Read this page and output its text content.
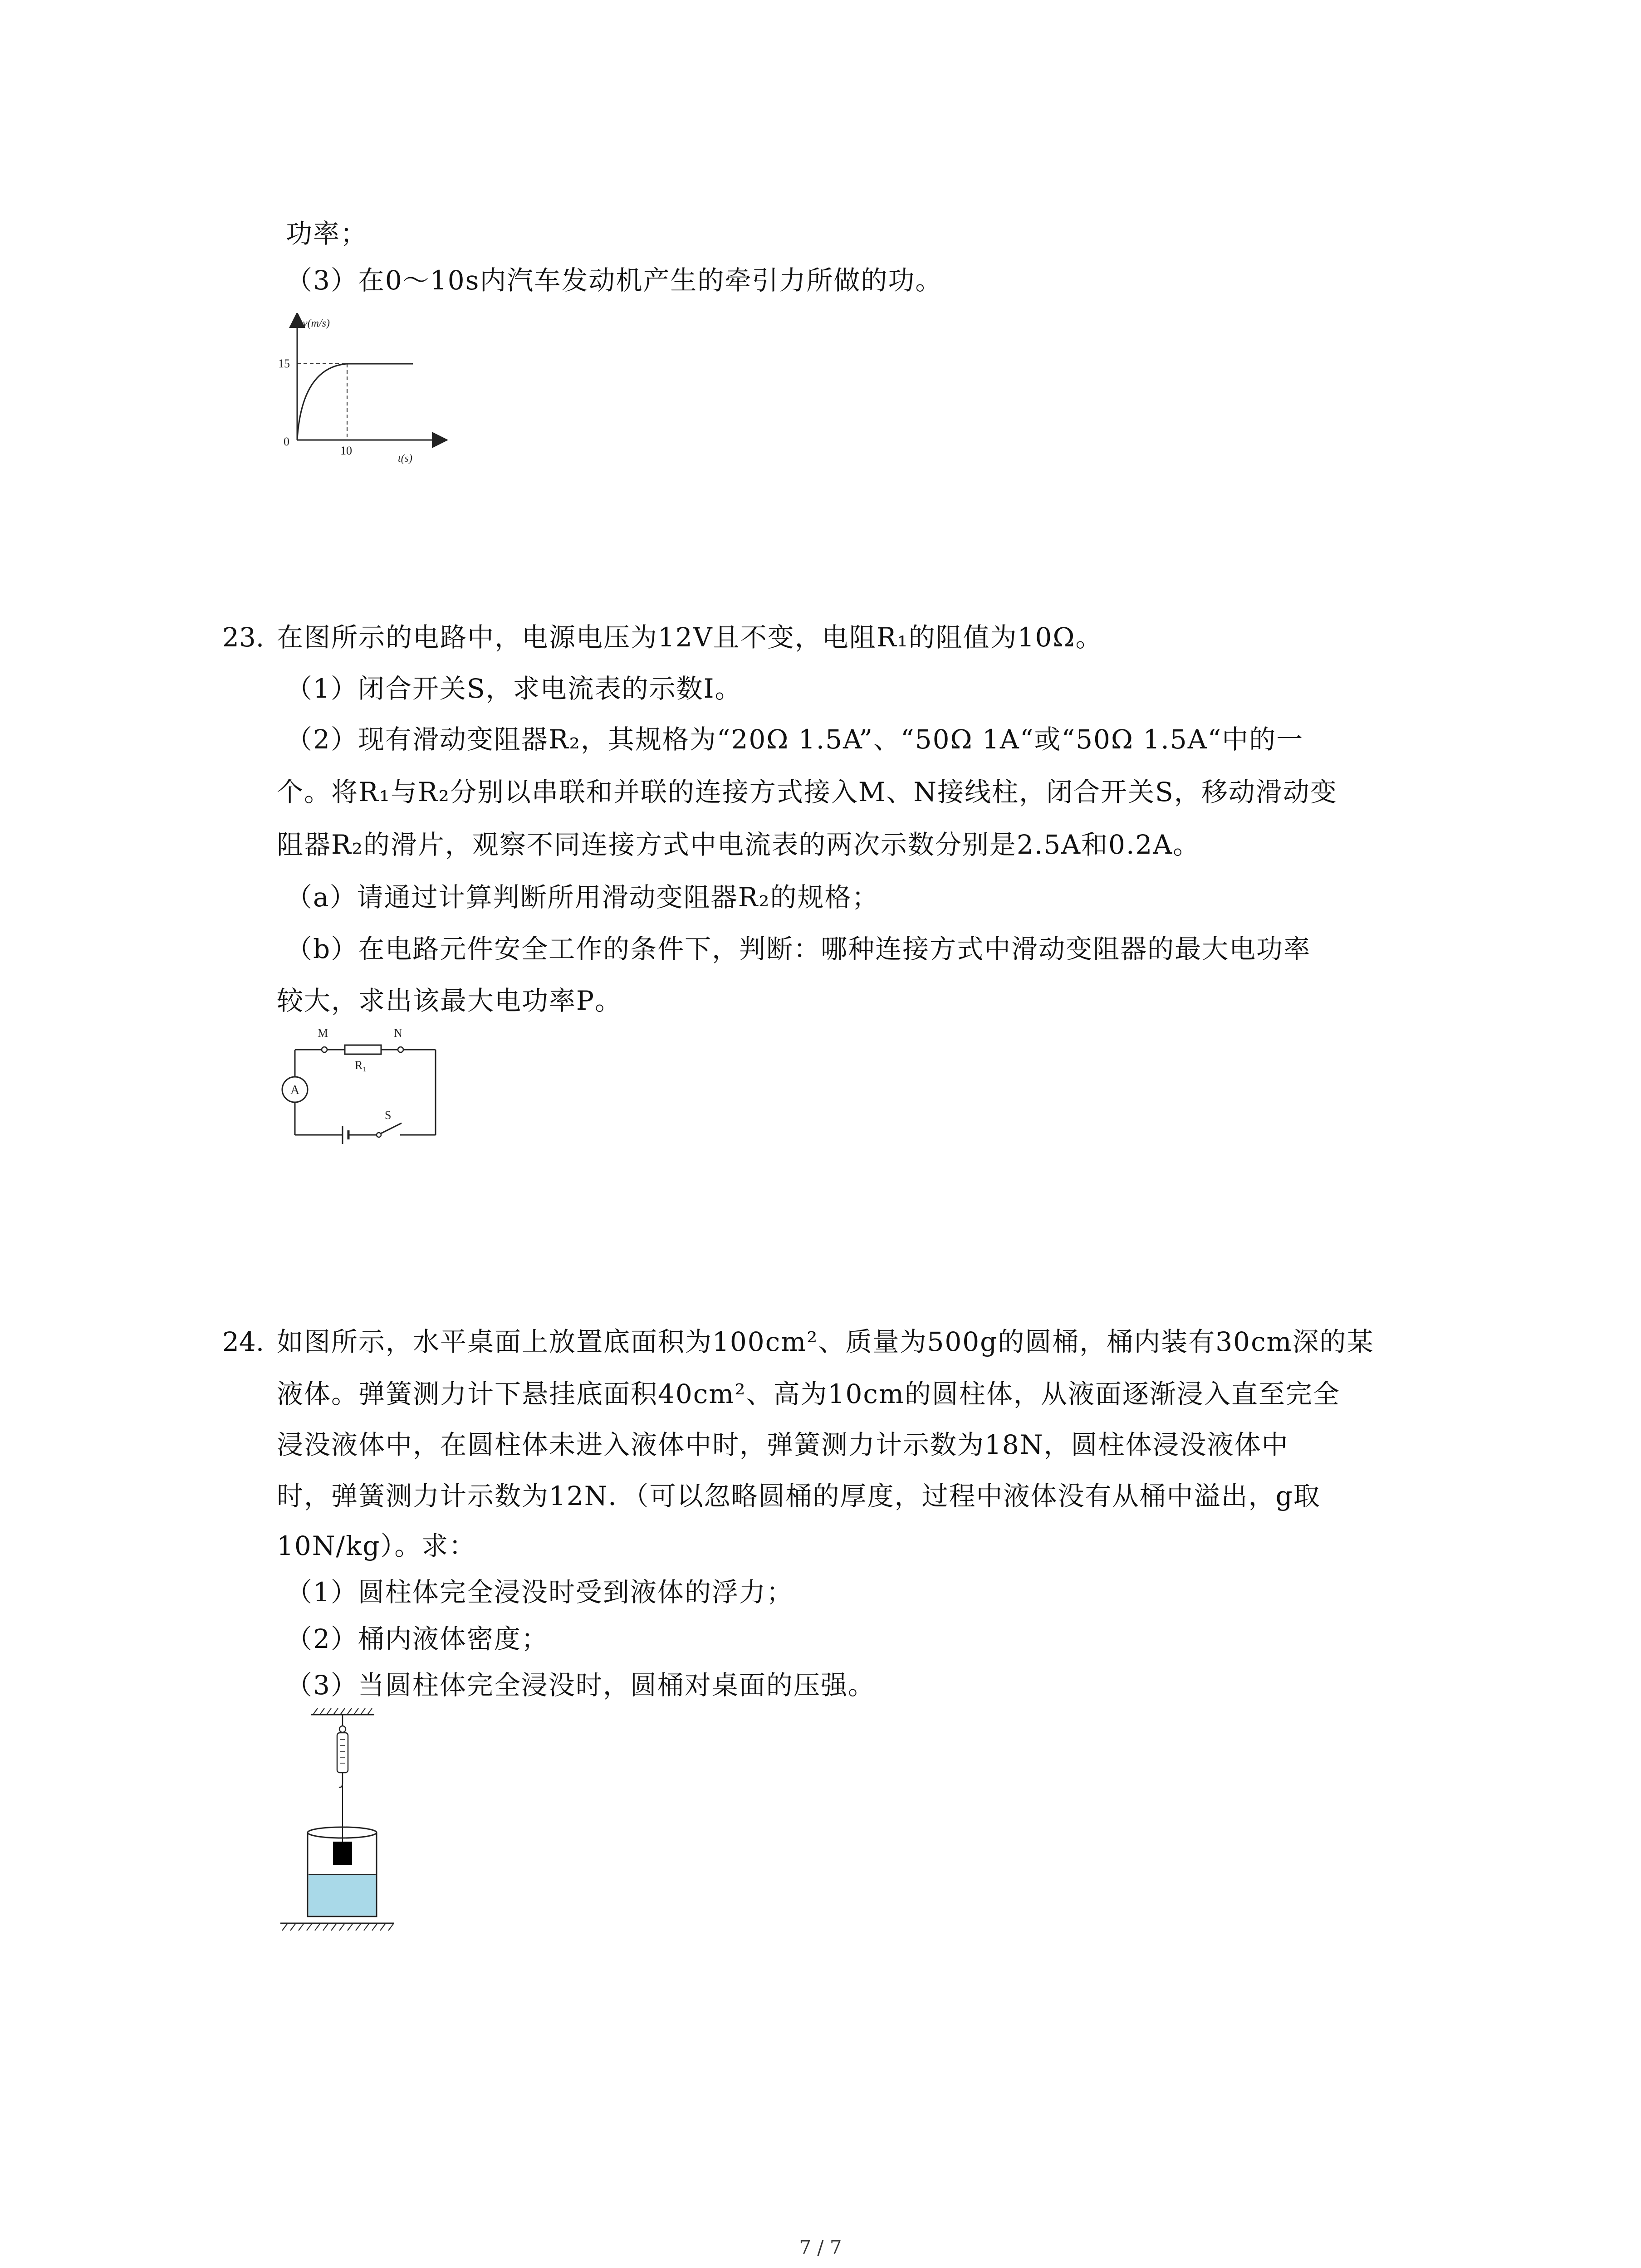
功率；
（3）在0～10s内汽车发动机产生的牵引力所做的功。
v(m/s)
15
0
10
t(s)
23. 在图所示的电路中，电源电压为12V且不变，电阻R₁的阻值为10Ω。
（1）闭合开关S，求电流表的示数I。
（2）现有滑动变阻器R₂，其规格为“20Ω 1.5A”、“50Ω 1A“或“50Ω 1.5A“中的一
个。将R₁与R₂分别以串联和并联的连接方式接入M、N接线柱，闭合开关S，移动滑动变
阻器R₂的滑片，观察不同连接方式中电流表的两次示数分别是2.5A和0.2A。
（a）请通过计算判断所用滑动变阻器R₂的规格；
（b）在电路元件安全工作的条件下，判断：哪种连接方式中滑动变阻器的最大电功率
较大，求出该最大电功率P。
M	N
R₁
A
S
24. 如图所示，水平桌面上放置底面积为100cm²、质量为500g的圆桶，桶内装有30cm深的某
液体。弹簧测力计下悬挂底面积40cm²、高为10cm的圆柱体，从液面逐渐浸入直至完全
浸没液体中，在圆柱体未进入液体中时，弹簧测力计示数为18N，圆柱体浸没液体中
时，弹簧测力计示数为12N．（可以忽略圆桶的厚度，过程中液体没有从桶中溢出，g取
10N/kg）。求：
（1）圆柱体完全浸没时受到液体的浮力；
（2）桶内液体密度；
（3）当圆柱体完全浸没时，圆桶对桌面的压强。
7 / 7
